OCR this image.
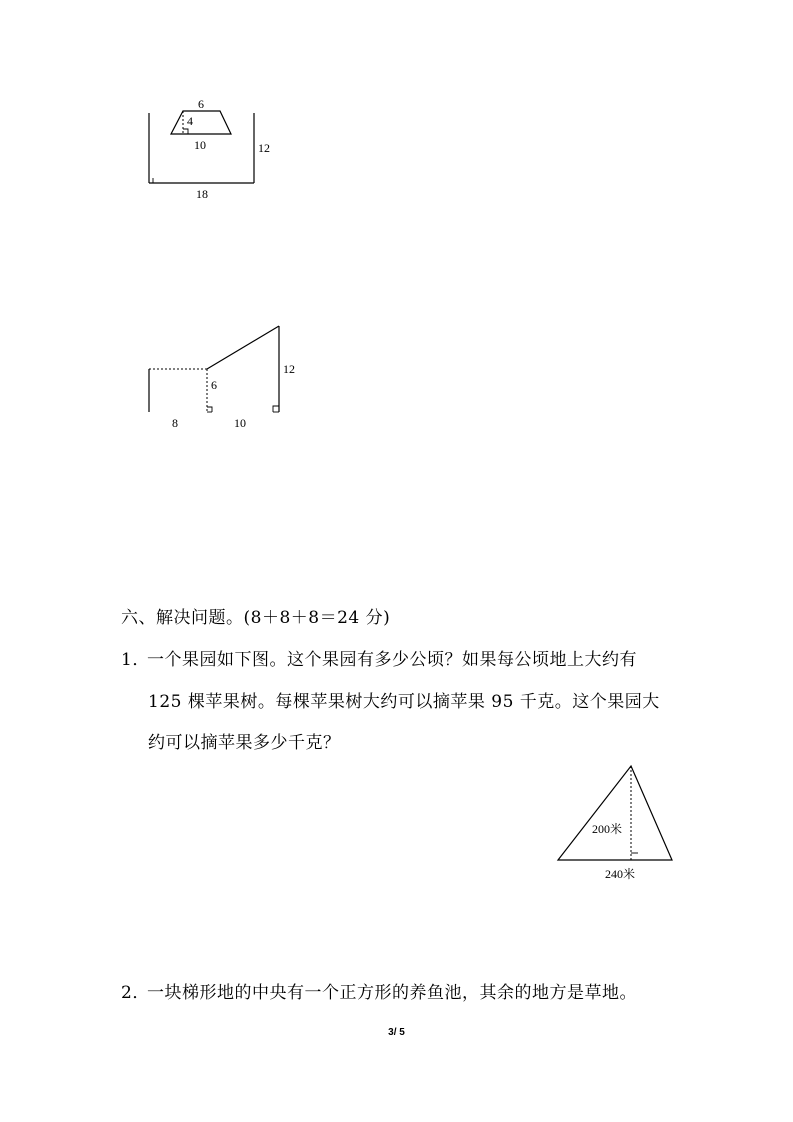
6
4
10	12
18
6
12
8	10

六、解决问题。(8＋8＋8＝24 分)

1．

一个果园如下图。这个果园有多少公顷？如果每公顷地上大约有

125 棵苹果树。每棵苹果树大约可以摘苹果 95 千克。这个果园大

约可以摘苹果多少千克？

200米
240米

2．

一块梯形地的中央有一个正方形的养鱼池，其余的地方是草地。

3/ 5
